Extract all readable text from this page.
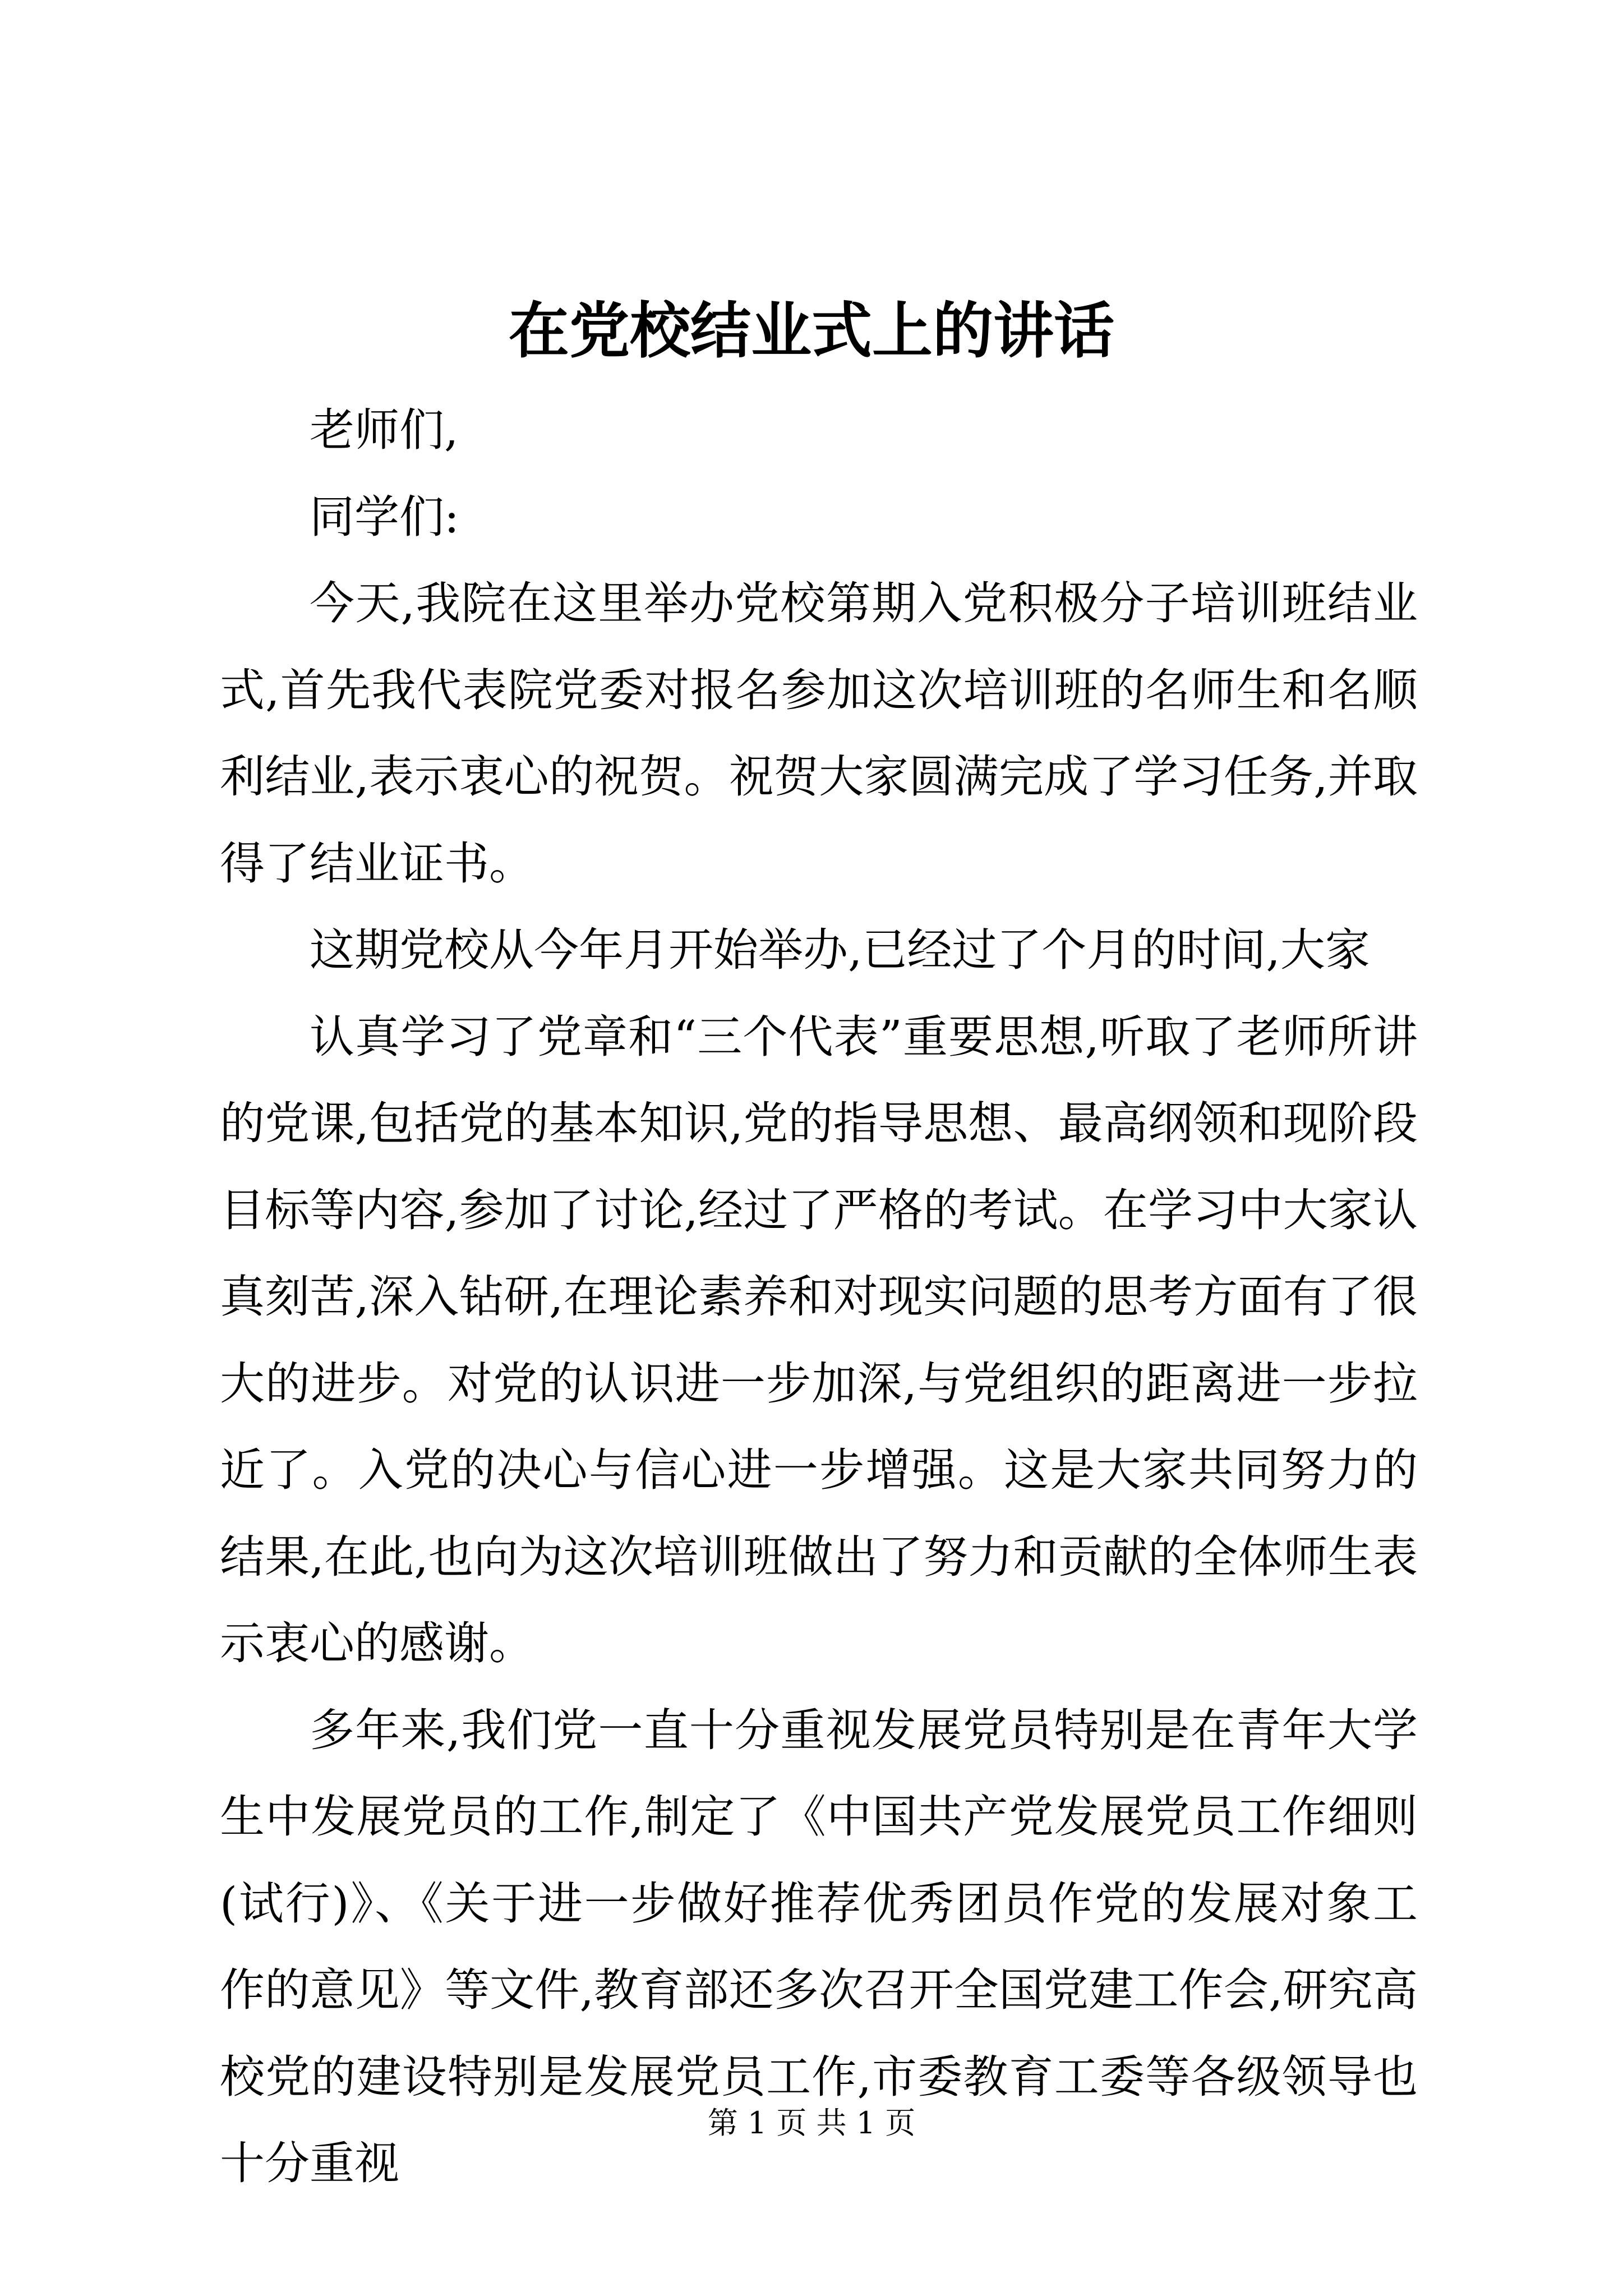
在党校结业式上的讲话

老师们,

同学们:

今天,我院在这里举办党校第期入党积极分子培训班结业式,首先我代表院党委对报名参加这次培训班的名师生和名顺利结业,表示衷心的祝贺。祝贺大家圆满完成了学习任务,并取得了结业证书。

这期党校从今年月开始举办,已经过了个月的时间,大家

认真学习了党章和“三个代表”重要思想,听取了老师所讲的党课,包括党的基本知识,党的指导思想、最高纲领和现阶段目标等内容,参加了讨论,经过了严格的考试。在学习中大家认真刻苦,深入钻研,在理论素养和对现实问题的思考方面有了很大的进步。对党的认识进一步加深,与党组织的距离进一步拉近了。入党的决心与信心进一步增强。这是大家共同努力的结果,在此,也向为这次培训班做出了努力和贡献的全体师生表示衷心的感谢。

多年来,我们党一直十分重视发展党员特别是在青年大学生中发展党员的工作,制定了《中国共产党发展党员工作细则(试行)》、《关于进一步做好推荐优秀团员作党的发展对象工作的意见》等文件,教育部还多次召开全国党建工作会,研究高校党的建设特别是发展党员工作,市委教育工委等各级领导也十分重视

第 1 页 共 1 页
